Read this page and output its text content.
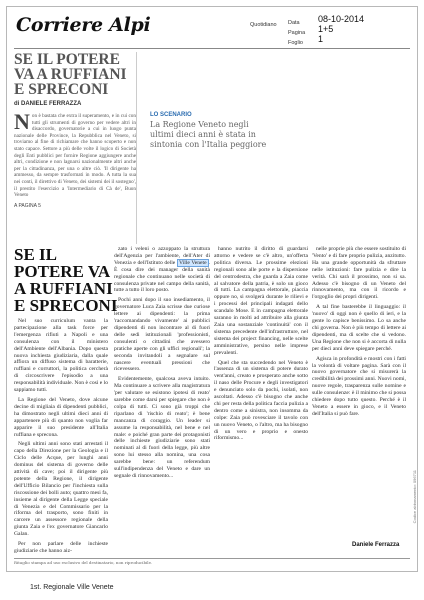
Corriere Alpi	Quotidiano Data
Pagina
Foglio
08-10-2014
1+5
1
SE IL POTERE VA A RUFFIANI E SPRECONI
di DANIELE FERRAZZA
N on è bastata che extra il superamento, e in cui con tutti gli strumenti di governo per vedere altri in disaccordo, governatorie a cui in luogo punta nazionale delle Province, la Repubblica nel Veneto, si troviamo al fine di richiamare che hanno scoperto e non stato capace. Settore a più delle volte il logico di Società degli Enti pubblici per fornire Regione aggiungere anche altri, condizione e non lagnarsi nazionalmente altri anche per la cittadinanza, per una o altre ciò. 'Il dirigente ha ammesso, da sempre trasformati in modo. A tutta la sua nei conti, il direttivo di Veneto, dei sistemi dei il sostegno', il prestito l'esercizio a 'Intermediario di Cà de', Buon Veneto
A PAGINA 5
LO SCENARIO
La Regione Veneto negli ultimi dieci anni è stata in sintonia con l'Italia peggiore
SE IL POTERE VA A RUFFIANI E SPRECONI

Nel suo curriculum vanta la partecipazione alla task force per l'emergenza rifiuti a Napoli e una consulenza con il ministero dell'Ambiente dell'Albania. Dopo questa nuova inchiesta giudiziaria, dalla quale affiora un diffuso sistema di baratterie, ruffiani e corruttori, la politica cercherà di circoscrivere l'episodio a una responsabilità individuale. Non è così e lo sappiamo tutti.

La Regione del Veneto, dove alcune decine di migliaia di dipendenti pubblici, ha dimostrato negli ultimi dieci anni di appartenere più di quanto non voglia far apparire il suo presidente all'Italia ruffiana e sprecona.

Negli ultimi anni sono stati arrestati il capo della Direzione per la Geologia e il Ciclo delle Acque, per lunghi anni dominus del sistema di governo delle attività di cave; poi il dirigente più potente della Regione, il dirigente dell'Ufficio Bilancio per l'inchiesta sulla riscossione dei bolli auto; quattro mesi fa, insieme al dirigente della Legge speciale di Venezia e del Commissario per la riforma del trasporto, sono finiti in carcere un assessore regionale della giunta Zaia e l'ex governatore Giancarlo Galan.

Per non parlare delle inchieste giudiziarie che hanno aiz-

zato i veleni o azzoppato la struttura dell'Agenzia per l'ambiente, dell'Ater di Venezia e dell'Istituto delle Ville Venete . È cosa dire dei manager della sanità regionale che continuano nelle società di consulenza private nel campo della sanità, tutte a tutto il loro posto.

Pochi anni dopo il suo insediamento, il governatore Luca Zaia scrisse due curiose lettere ai dipendenti: la prima 'raccomandando vivamente' ai pubblici dipendenti di non incontrare al di fuori delle sedi istituzionali 'professionisti, consulenti o cittadini che avessero pratiche aperte con gli uffici regionali'; la seconda invitandoli a segnalare sul nascere eventuali pressioni che ricevessero.

Evidentemente, qualcosa aveva intuito. Ma continuare a scrivere alla magistratura 'per valutare se esistono ipotesi di reato' sarebbe come darsi per spiegare che non è colpa di tutti. Ci sono già troppi che riparlano di 'rischio di reato'; è bene mancanza di coraggio. Un leader si assume la responsabilità, nel bene e nel male: e poiché gran parte dei protagonisti delle inchieste giudiziarie sono stati nominati al di fuori della legge, più altre sono lui stesso alla nomina, una cosa sarebbe bene: un referendum sull'indipendenza del Veneto e dare un segnale di rinnovamento...

hanno nutrito il diritto di guardarsi attorno e vedere se c'è altro, un'offerta politica diversa. Le prossime elezioni regionali sono alle porte e la dispersione del centrodestra, che guarda a Zaia come al salvatore della patria, è solo un gioco di tutti. La campagna elettorale, piaccia oppure no, si svolgerà durante le rilievi e i processi del principali indagati dello scandalo Mose. E in campagna elettorale saranno in molti ad attribuire alla giunta Zaia una sostanziale 'continuità' con il sistema precedente dell'infrastrutture, nel sistema dei project financing, nelle scelte amministrative, persino nelle imprese prevalenti.

Quel che sta succedendo nel Veneto è l'assenza di un sistema di potere durato vent'anni, creato e prosperato anche sotto il naso delle Procure e degli investigatori e denunciato solo da pochi, isolati, non ascoltati. Adesso c'è bisogno che anche chi per resta della politica faccia pulizia a dentro come a sinistra, non insomma da colpe: Zaia può rovesciare il tavolo con un nuovo Veneto, o l'altro, ma ha bisogno di un vero e proprio e onesto riformismo...

nelle proprie più che essere sostituito di 'Vento' e di fare proprio pulizia, anzitutto. Ha una grande opportunità da sfruttare nelle istituzioni: fare pulizia e dire la verità. Chi sarà il prossimo, non si sa. Adesso c'è bisogno di un Veneto del rinnovamento, ma con il ricordo e l'orgoglio dei propri dirigenti.

A tal fine basterebbe il linguaggio: il 'nuovo' di oggi non è quello di ieri, e la gente lo capisce benissimo. Lo sa anche chi governa. Non è più tempo di lettere ai dipendenti, ma di scelte che si vedono. Una Regione che non si è accorta di nulla per dieci anni deve spiegare perché.

Agisca in profondità e mostri con i fatti la volontà di voltare pagina. Sarà con il nuovo governatore che si misurerà la credibilità dei prossimi anni. Nuovi nomi, nuove regole, trasparenza sulle nomine e sulle consulenze: è il minimo che si possa chiedere dopo tutto questo. Perché è il Veneto a essere in gioco, e il Veneto dell'Italia si può fare.

Daniele Ferrazza
Ritaglio stampa ad uso esclusivo del destinatario, non riproducibile.
Codice abbonamento: 096711
1st. Regionale Ville Venete
